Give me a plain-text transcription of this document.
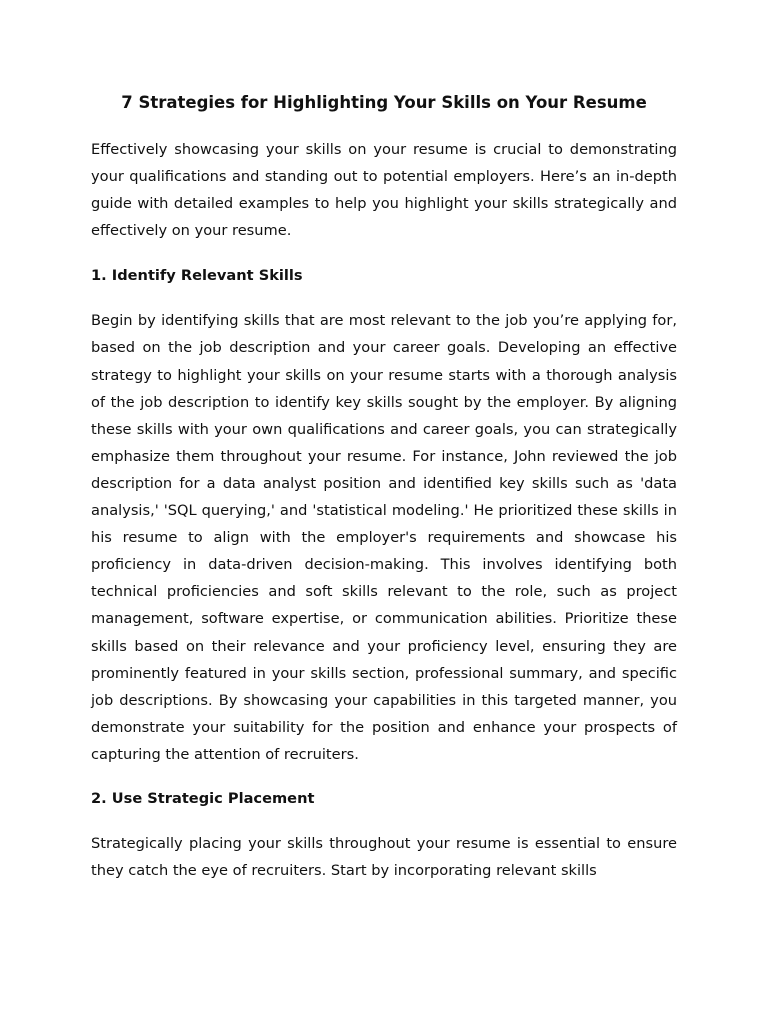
7 Strategies for Highlighting Your Skills on Your Resume

Effectively showcasing your skills on your resume is crucial to demonstrating your qualifications and standing out to potential employers. Here’s an in-depth guide with detailed examples to help you highlight your skills strategically and effectively on your resume.

1. Identify Relevant Skills

Begin by identifying skills that are most relevant to the job you’re applying for, based on the job description and your career goals. Developing an effective strategy to highlight your skills on your resume starts with a thorough analysis of the job description to identify key skills sought by the employer. By aligning these skills with your own qualifications and career goals, you can strategically emphasize them throughout your resume. For instance, John reviewed the job description for a data analyst position and identified key skills such as 'data analysis,' 'SQL querying,' and 'statistical modeling.' He prioritized these skills in his resume to align with the employer's requirements and showcase his proficiency in data-driven decision-making. This involves identifying both technical proficiencies and soft skills relevant to the role, such as project management, software expertise, or communication abilities. Prioritize these skills based on their relevance and your proficiency level, ensuring they are prominently featured in your skills section, professional summary, and specific job descriptions. By showcasing your capabilities in this targeted manner, you demonstrate your suitability for the position and enhance your prospects of capturing the attention of recruiters.

2. Use Strategic Placement

Strategically placing your skills throughout your resume is essential to ensure they catch the eye of recruiters. Start by incorporating relevant skills
